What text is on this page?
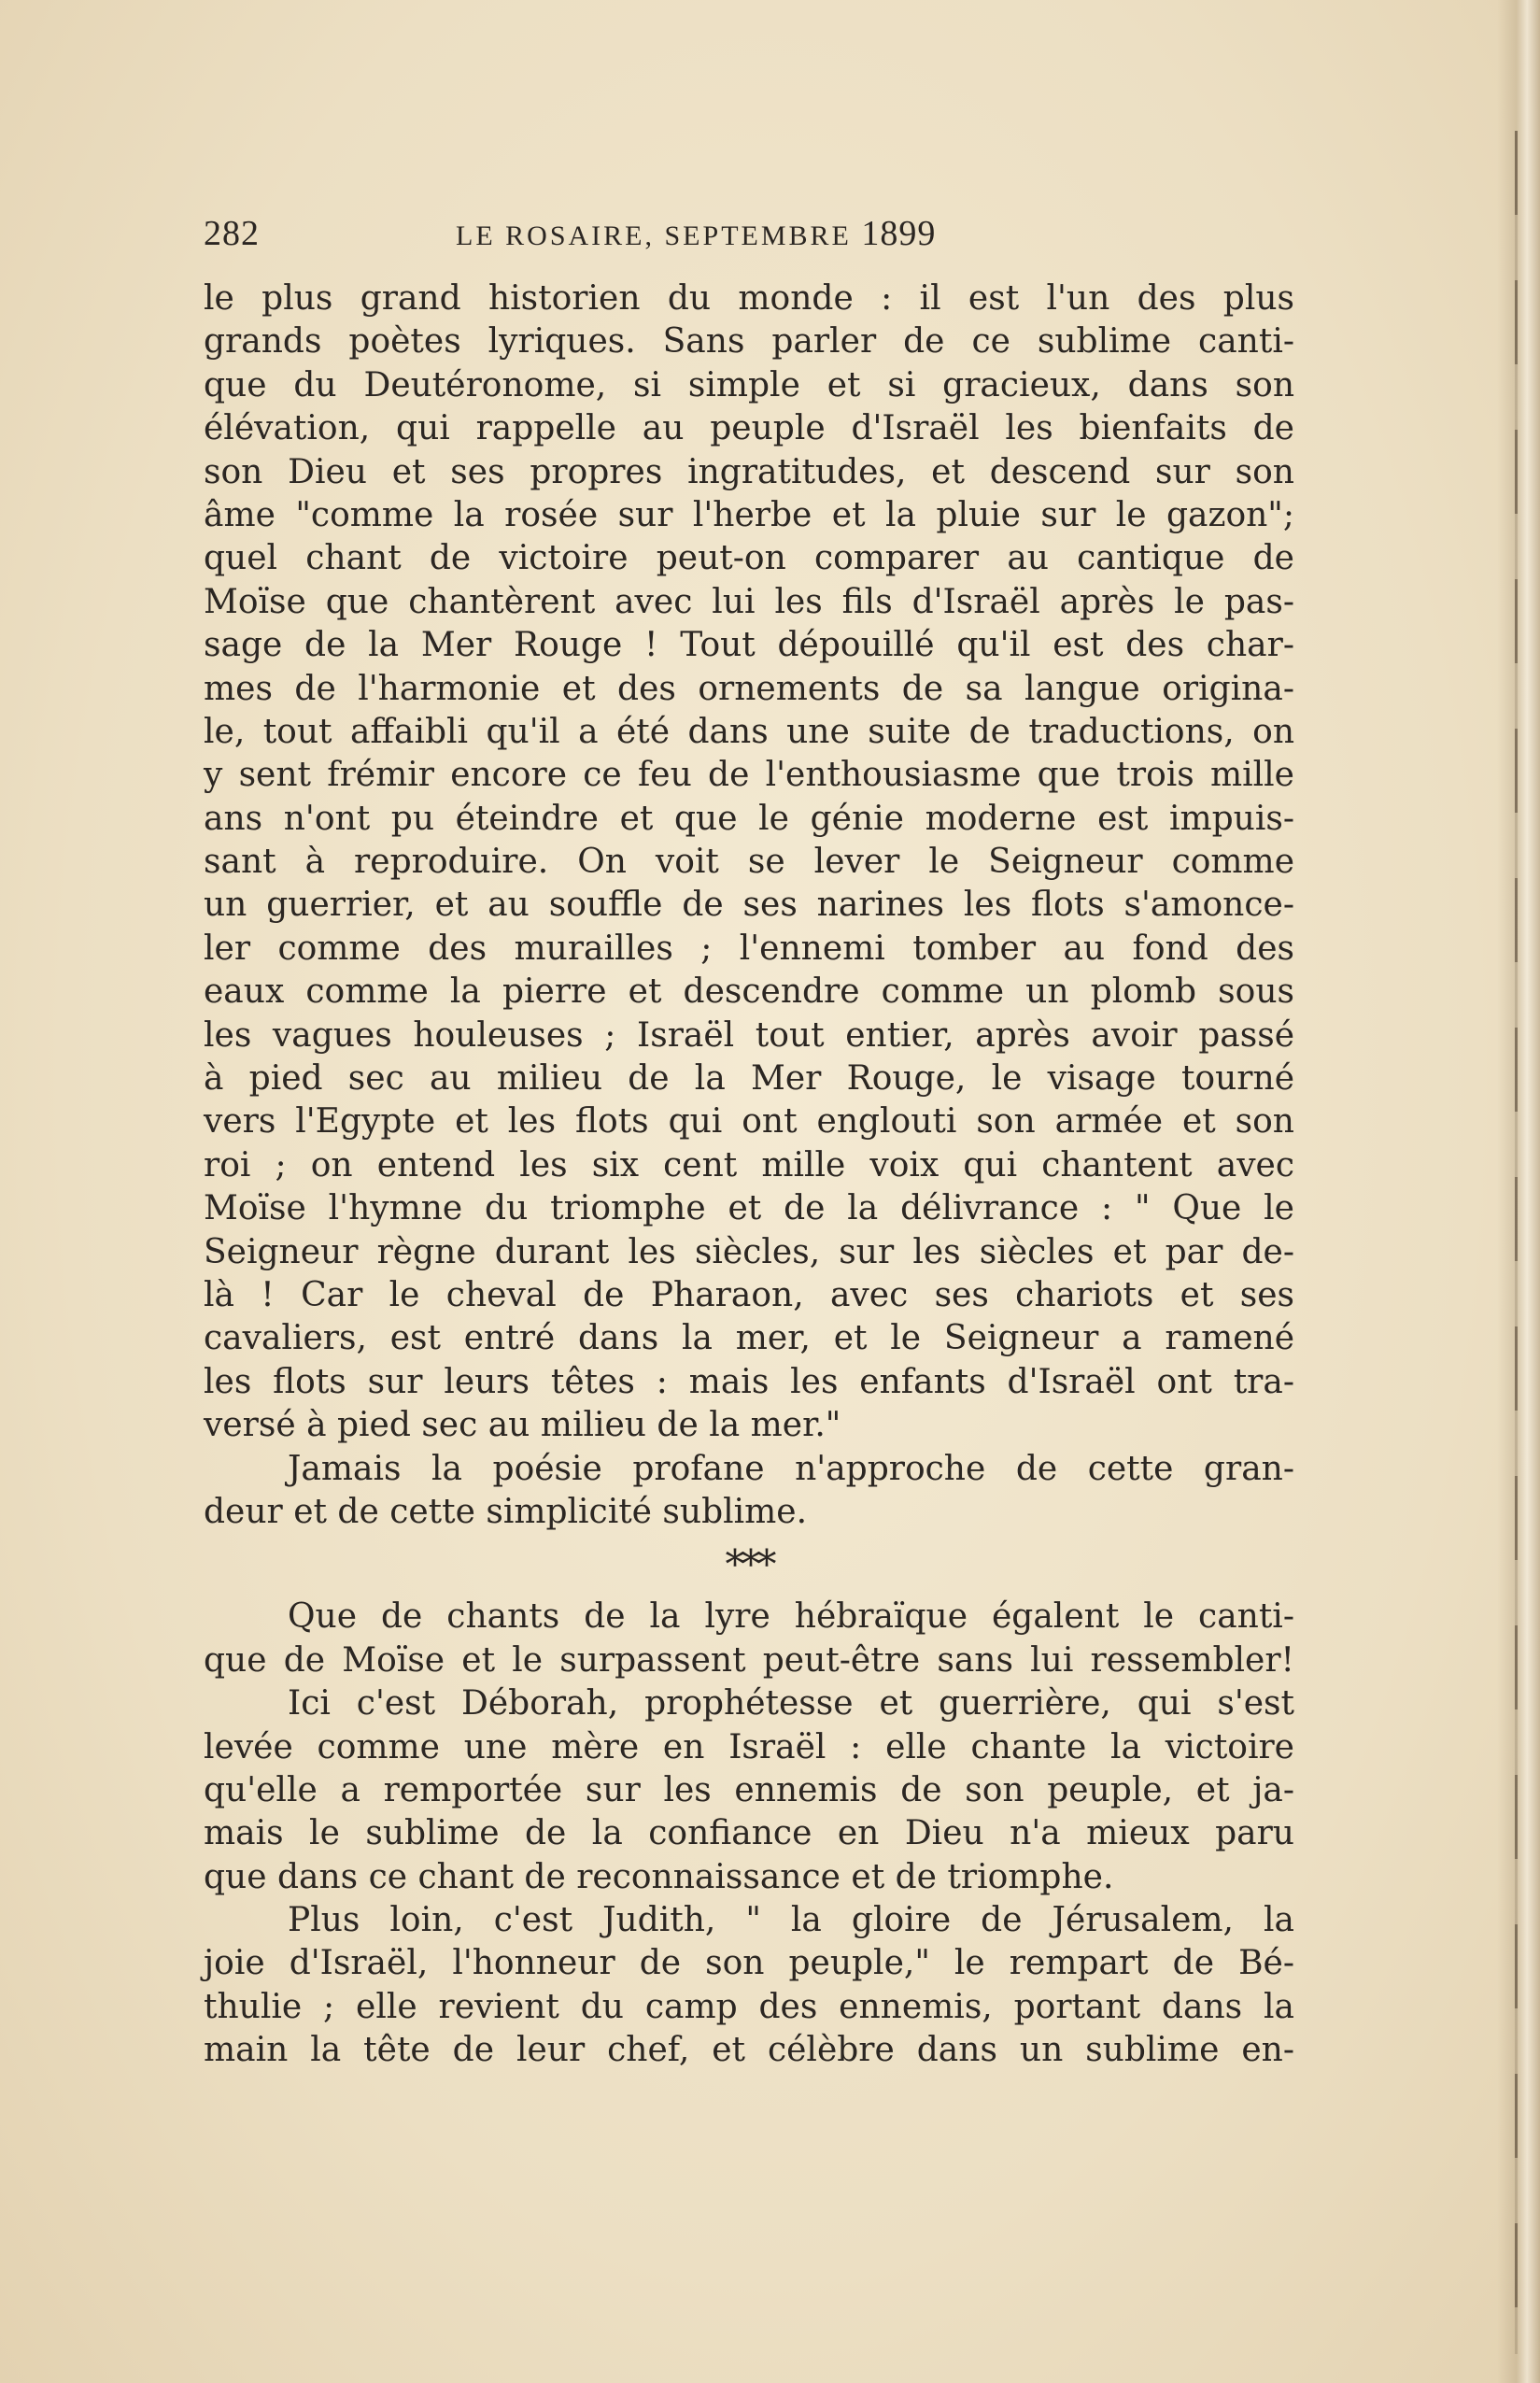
282	LE ROSAIRE, SEPTEMBRE 1899
le plus grand historien du monde : il est l'un des plus
grands poètes lyriques. Sans parler de ce sublime canti-
que du Deutéronome, si simple et si gracieux, dans son
élévation, qui rappelle au peuple d'Israël les bienfaits de
son Dieu et ses propres ingratitudes, et descend sur son
âme "comme la rosée sur l'herbe et la pluie sur le gazon";
quel chant de victoire peut-on comparer au cantique de
Moïse que chantèrent avec lui les fils d'Israël après le pas-
sage de la Mer Rouge ! Tout dépouillé qu'il est des char-
mes de l'harmonie et des ornements de sa langue origina-
le, tout affaibli qu'il a été dans une suite de traductions, on
y sent frémir encore ce feu de l'enthousiasme que trois mille
ans n'ont pu éteindre et que le génie moderne est impuis-
sant à reproduire. On voit se lever le Seigneur comme
un guerrier, et au souffle de ses narines les flots s'amonce-
ler comme des murailles ; l'ennemi tomber au fond des
eaux comme la pierre et descendre comme un plomb sous
les vagues houleuses ; Israël tout entier, après avoir passé
à pied sec au milieu de la Mer Rouge, le visage tourné
vers l'Egypte et les flots qui ont englouti son armée et son
roi ; on entend les six cent mille voix qui chantent avec
Moïse l'hymne du triomphe et de la délivrance : " Que le
Seigneur règne durant les siècles, sur les siècles et par de-
là ! Car le cheval de Pharaon, avec ses chariots et ses
cavaliers, est entré dans la mer, et le Seigneur a ramené
les flots sur leurs têtes : mais les enfants d'Israël ont tra-
versé à pied sec au milieu de la mer."
Jamais la poésie profane n'approche de cette gran-
deur et de cette simplicité sublime.
***
Que de chants de la lyre hébraïque égalent le canti-
que de Moïse et le surpassent peut-être sans lui ressembler!
Ici c'est Déborah, prophétesse et guerrière, qui s'est
levée comme une mère en Israël : elle chante la victoire
qu'elle a remportée sur les ennemis de son peuple, et ja-
mais le sublime de la confiance en Dieu n'a mieux paru
que dans ce chant de reconnaissance et de triomphe.
Plus loin, c'est Judith, " la gloire de Jérusalem, la
joie d'Israël, l'honneur de son peuple," le rempart de Bé-
thulie ; elle revient du camp des ennemis, portant dans la
main la tête de leur chef, et célèbre dans un sublime en-
